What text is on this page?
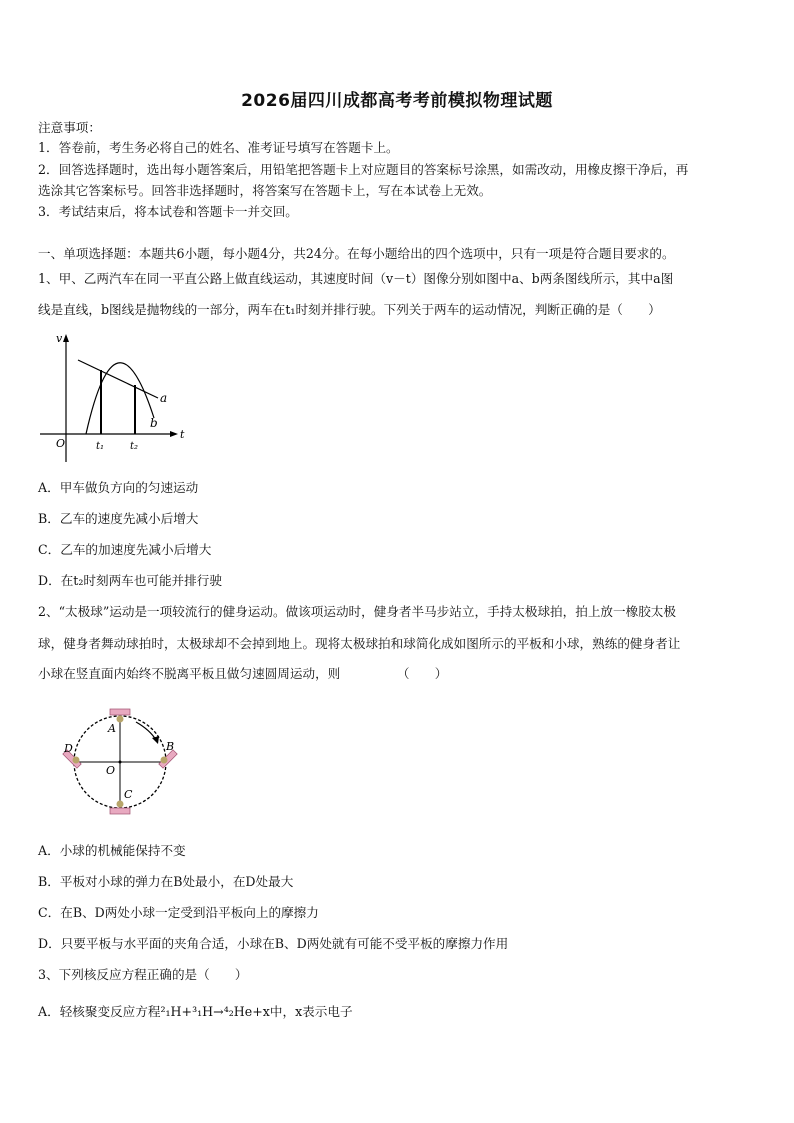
2026届四川成都高考考前模拟物理试题
注意事项：
1．答卷前，考生务必将自己的姓名、准考证号填写在答题卡上。
2．回答选择题时，选出每小题答案后，用铅笔把答题卡上对应题目的答案标号涂黑，如需改动，用橡皮擦干净后，再
选涂其它答案标号。回答非选择题时，将答案写在答题卡上，写在本试卷上无效。
3．考试结束后，将本试卷和答题卡一并交回。
一、单项选择题：本题共6小题，每小题4分，共24分。在每小题给出的四个选项中，只有一项是符合题目要求的。
1、甲、乙两汽车在同一平直公路上做直线运动，其速度时间（v－t）图像分别如图中a、b两条图线所示，其中a图
线是直线，b图线是抛物线的一部分，两车在t₁时刻并排行驶。下列关于两车的运动情况，判断正确的是（　　）
v
t
O
a
b
t₁	t₂
A．甲车做负方向的匀速运动
B．乙车的速度先减小后增大
C．乙车的加速度先减小后增大
D．在t₂时刻两车也可能并排行驶
2、“太极球”运动是一项较流行的健身运动。做该项运动时，健身者半马步站立，手持太极球拍，拍上放一橡胶太极
球，健身者舞动球拍时，太极球却不会掉到地上。现将太极球拍和球简化成如图所示的平板和小球，熟练的健身者让
小球在竖直面内始终不脱离平板且做匀速圆周运动，则　　　　　（　　）
A
B
C
D
O
A．小球的机械能保持不变
B．平板对小球的弹力在B处最小，在D处最大
C．在B、D两处小球一定受到沿平板向上的摩擦力
D．只要平板与水平面的夹角合适，小球在B、D两处就有可能不受平板的摩擦力作用
3、下列核反应方程正确的是（　　）
A．轻核聚变反应方程²₁H+³₁H→⁴₂He+x中，x表示电子
